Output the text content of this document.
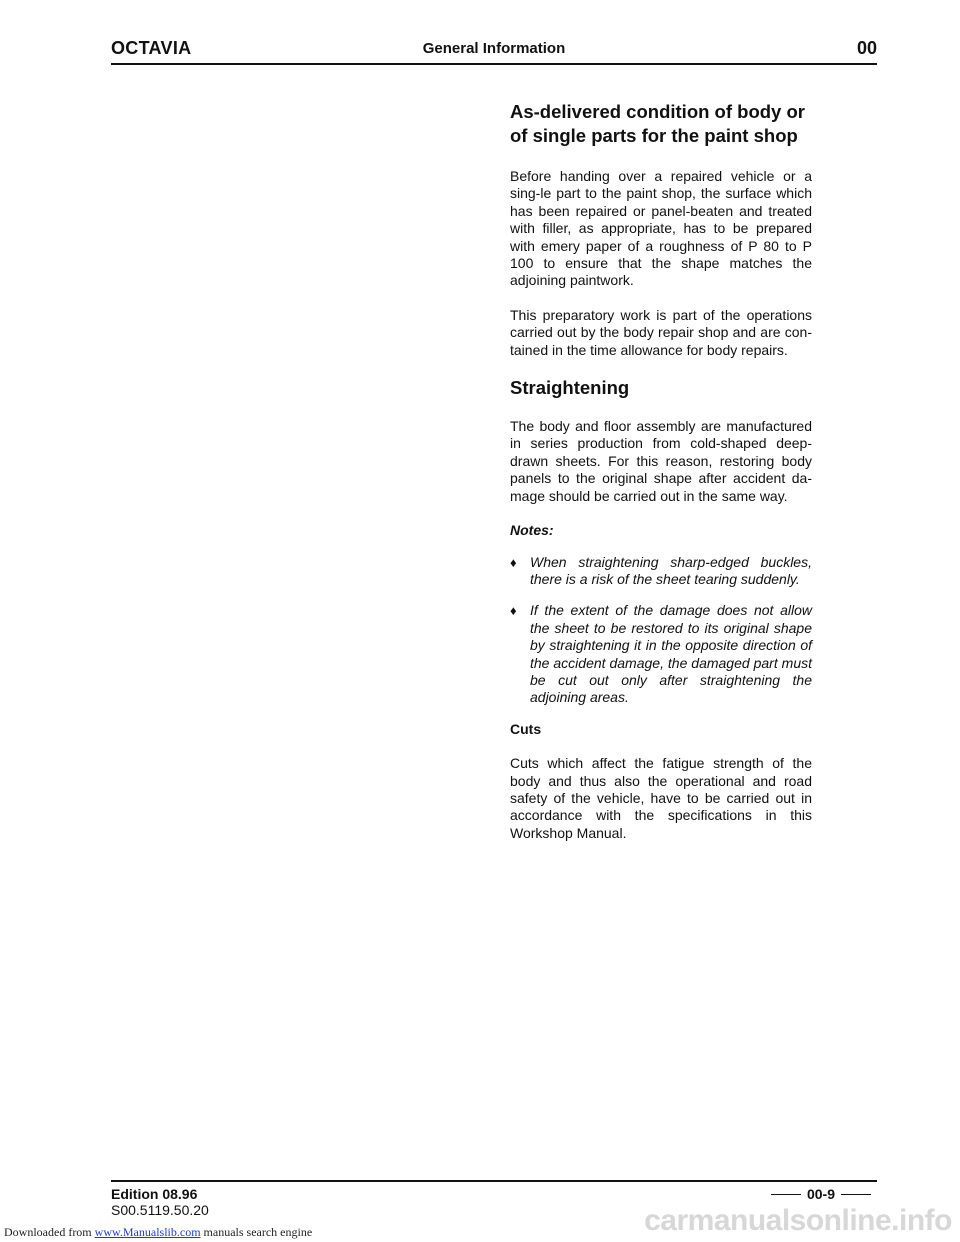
OCTAVIA	General Information	00
As-delivered condition of body or
of single parts for the paint shop

Before handing over a repaired vehicle or a sing-le part to the paint shop, the surface which has been repaired or panel-beaten and treated with filler, as appropriate, has to be prepared with emery paper of a roughness of P 80 to P 100 to ensure that the shape matches the adjoining paintwork.

This preparatory work is part of the operations carried out by the body repair shop and are con-tained in the time allowance for body repairs.

Straightening

The body and floor assembly are manufactured in series production from cold-shaped deep-drawn sheets. For this reason, restoring body panels to the original shape after accident da-mage should be carried out in the same way.

Notes:

♦ When straightening sharp-edged buckles, there is a risk of the sheet tearing suddenly.
♦ If the extent of the damage does not allow the sheet to be restored to its original shape by straightening it in the opposite direction of the accident damage, the damaged part must be cut out only after straightening the adjoining areas.

Cuts

Cuts which affect the fatigue strength of the body and thus also the operational and road safety of the vehicle, have to be carried out in accordance with the specifications in this Workshop Manual.

Edition 08.96
S00.5119.50.20
00-9
Downloaded from www.Manualslib.com manuals search engine	carmanualsonline.info
